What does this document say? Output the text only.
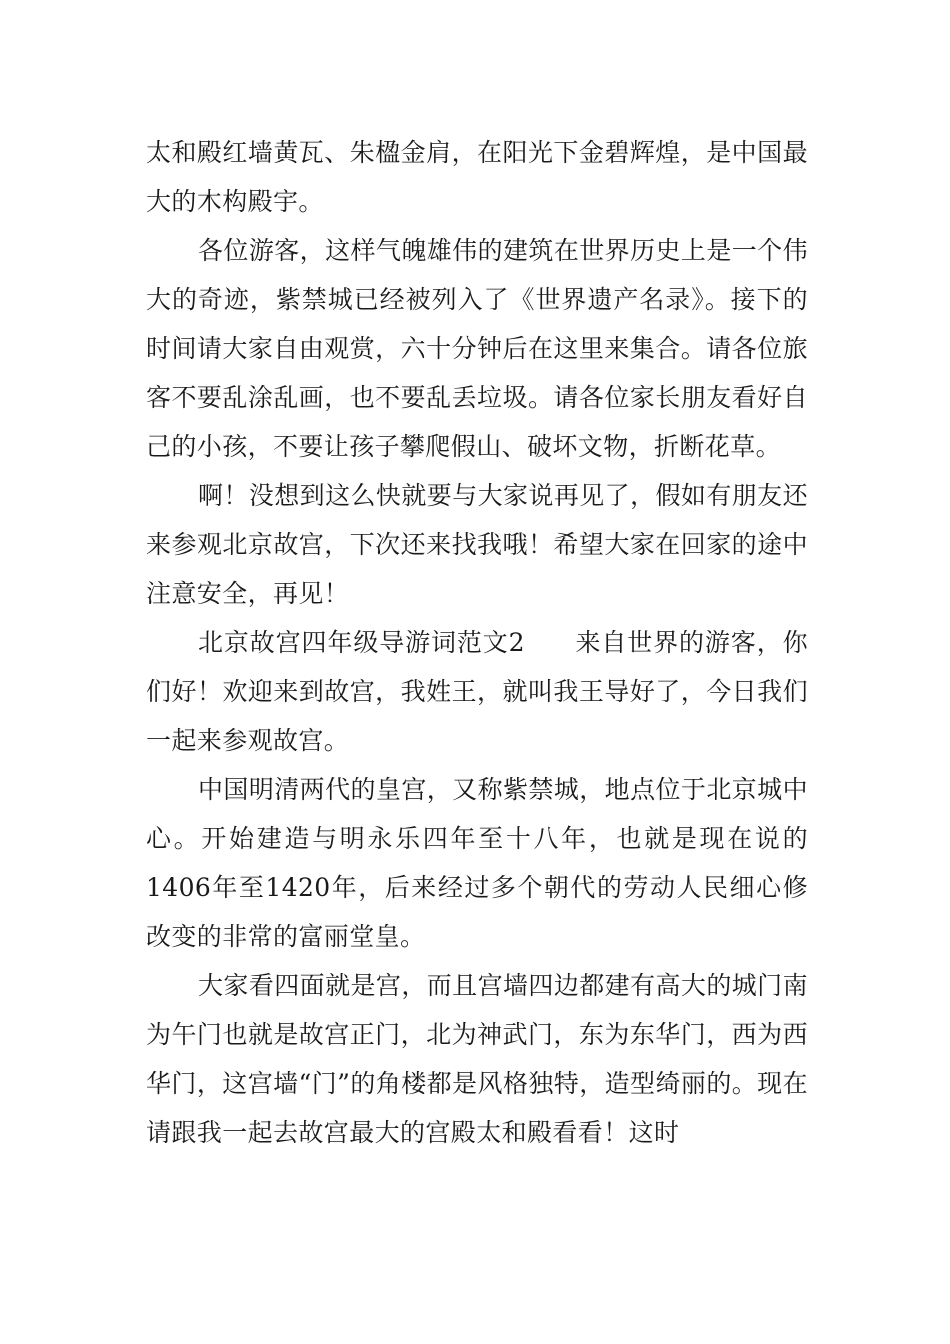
太和殿红墙黄瓦、朱楹金肩，在阳光下金碧辉煌，是中国最大的木构殿宇。

各位游客，这样气魄雄伟的建筑在世界历史上是一个伟大的奇迹，紫禁城已经被列入了《世界遗产名录》。接下的时间请大家自由观赏，六十分钟后在这里来集合。请各位旅客不要乱涂乱画，也不要乱丢垃圾。请各位家长朋友看好自己的小孩，不要让孩子攀爬假山、破坏文物，折断花草。

啊！没想到这么快就要与大家说再见了，假如有朋友还来参观北京故宫，下次还来找我哦！希望大家在回家的途中注意安全，再见！

北京故宫四年级导游词范文2 来自世界的游客，你们好！欢迎来到故宫，我姓王，就叫我王导好了，今日我们一起来参观故宫。

中国明清两代的皇宫，又称紫禁城，地点位于北京城中心。开始建造与明永乐四年至十八年，也就是现在说的1406年至1420年，后来经过多个朝代的劳动人民细心修改变的非常的富丽堂皇。

大家看四面就是宫，而且宫墙四边都建有高大的城门南为午门也就是故宫正门，北为神武门，东为东华门，西为西华门，这宫墙“门”的角楼都是风格独特，造型绮丽的。现在请跟我一起去故宫最大的宫殿太和殿看看！这时
